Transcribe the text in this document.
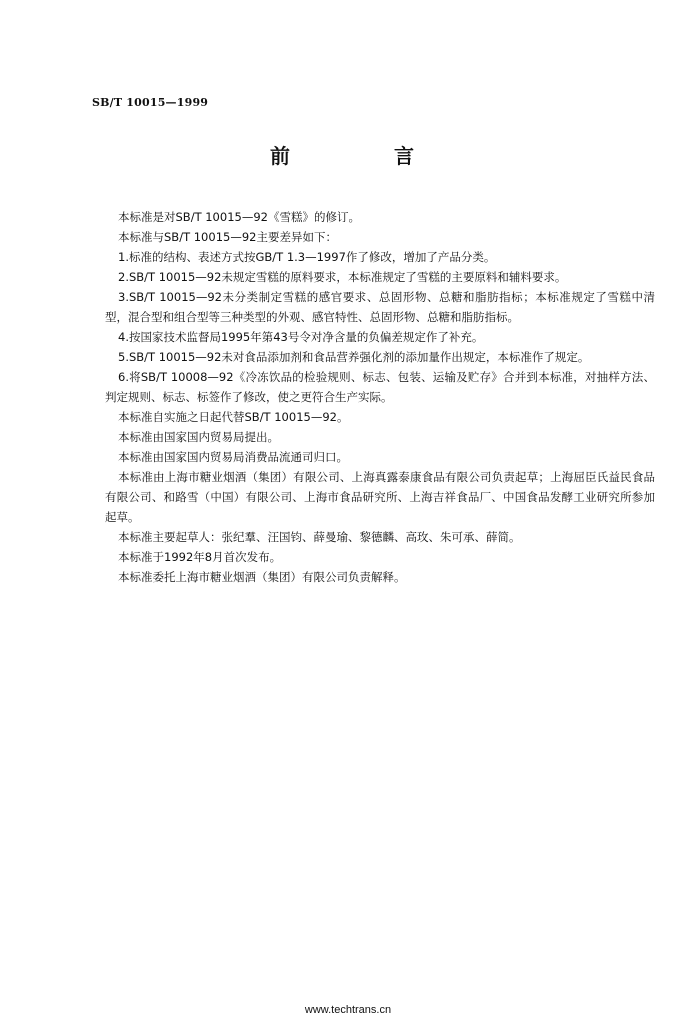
SB/T 10015—1999
前　言

本标准是对SB/T 10015—92《雪糕》的修订。

本标准与SB/T 10015—92主要差异如下：

1.标准的结构、表述方式按GB/T 1.3—1997作了修改，增加了产品分类。

2.SB/T 10015—92未规定雪糕的原料要求，本标准规定了雪糕的主要原料和辅料要求。

3.SB/T 10015—92未分类制定雪糕的感官要求、总固形物、总糖和脂肪指标；本标准规定了雪糕中清型，混合型和组合型等三种类型的外观、感官特性、总固形物、总糖和脂肪指标。

4.按国家技术监督局1995年第43号令对净含量的负偏差规定作了补充。

5.SB/T 10015—92未对食品添加剂和食品营养强化剂的添加量作出规定，本标准作了规定。

6.将SB/T 10008—92《冷冻饮品的检验规则、标志、包装、运输及贮存》合并到本标准，对抽样方法、判定规则、标志、标签作了修改，使之更符合生产实际。

本标准自实施之日起代替SB/T 10015—92。

本标准由国家国内贸易局提出。

本标准由国家国内贸易局消费品流通司归口。

本标准由上海市糖业烟酒（集团）有限公司、上海真露泰康食品有限公司负责起草；上海屈臣氏益民食品有限公司、和路雪（中国）有限公司、上海市食品研究所、上海吉祥食品厂、中国食品发酵工业研究所参加起草。

本标准主要起草人：张纪羣、汪国钧、薛曼瑜、黎德麟、高玫、朱可承、薛简。

本标准于1992年8月首次发布。

本标准委托上海市糖业烟酒（集团）有限公司负责解释。

www.techtrans.cn
